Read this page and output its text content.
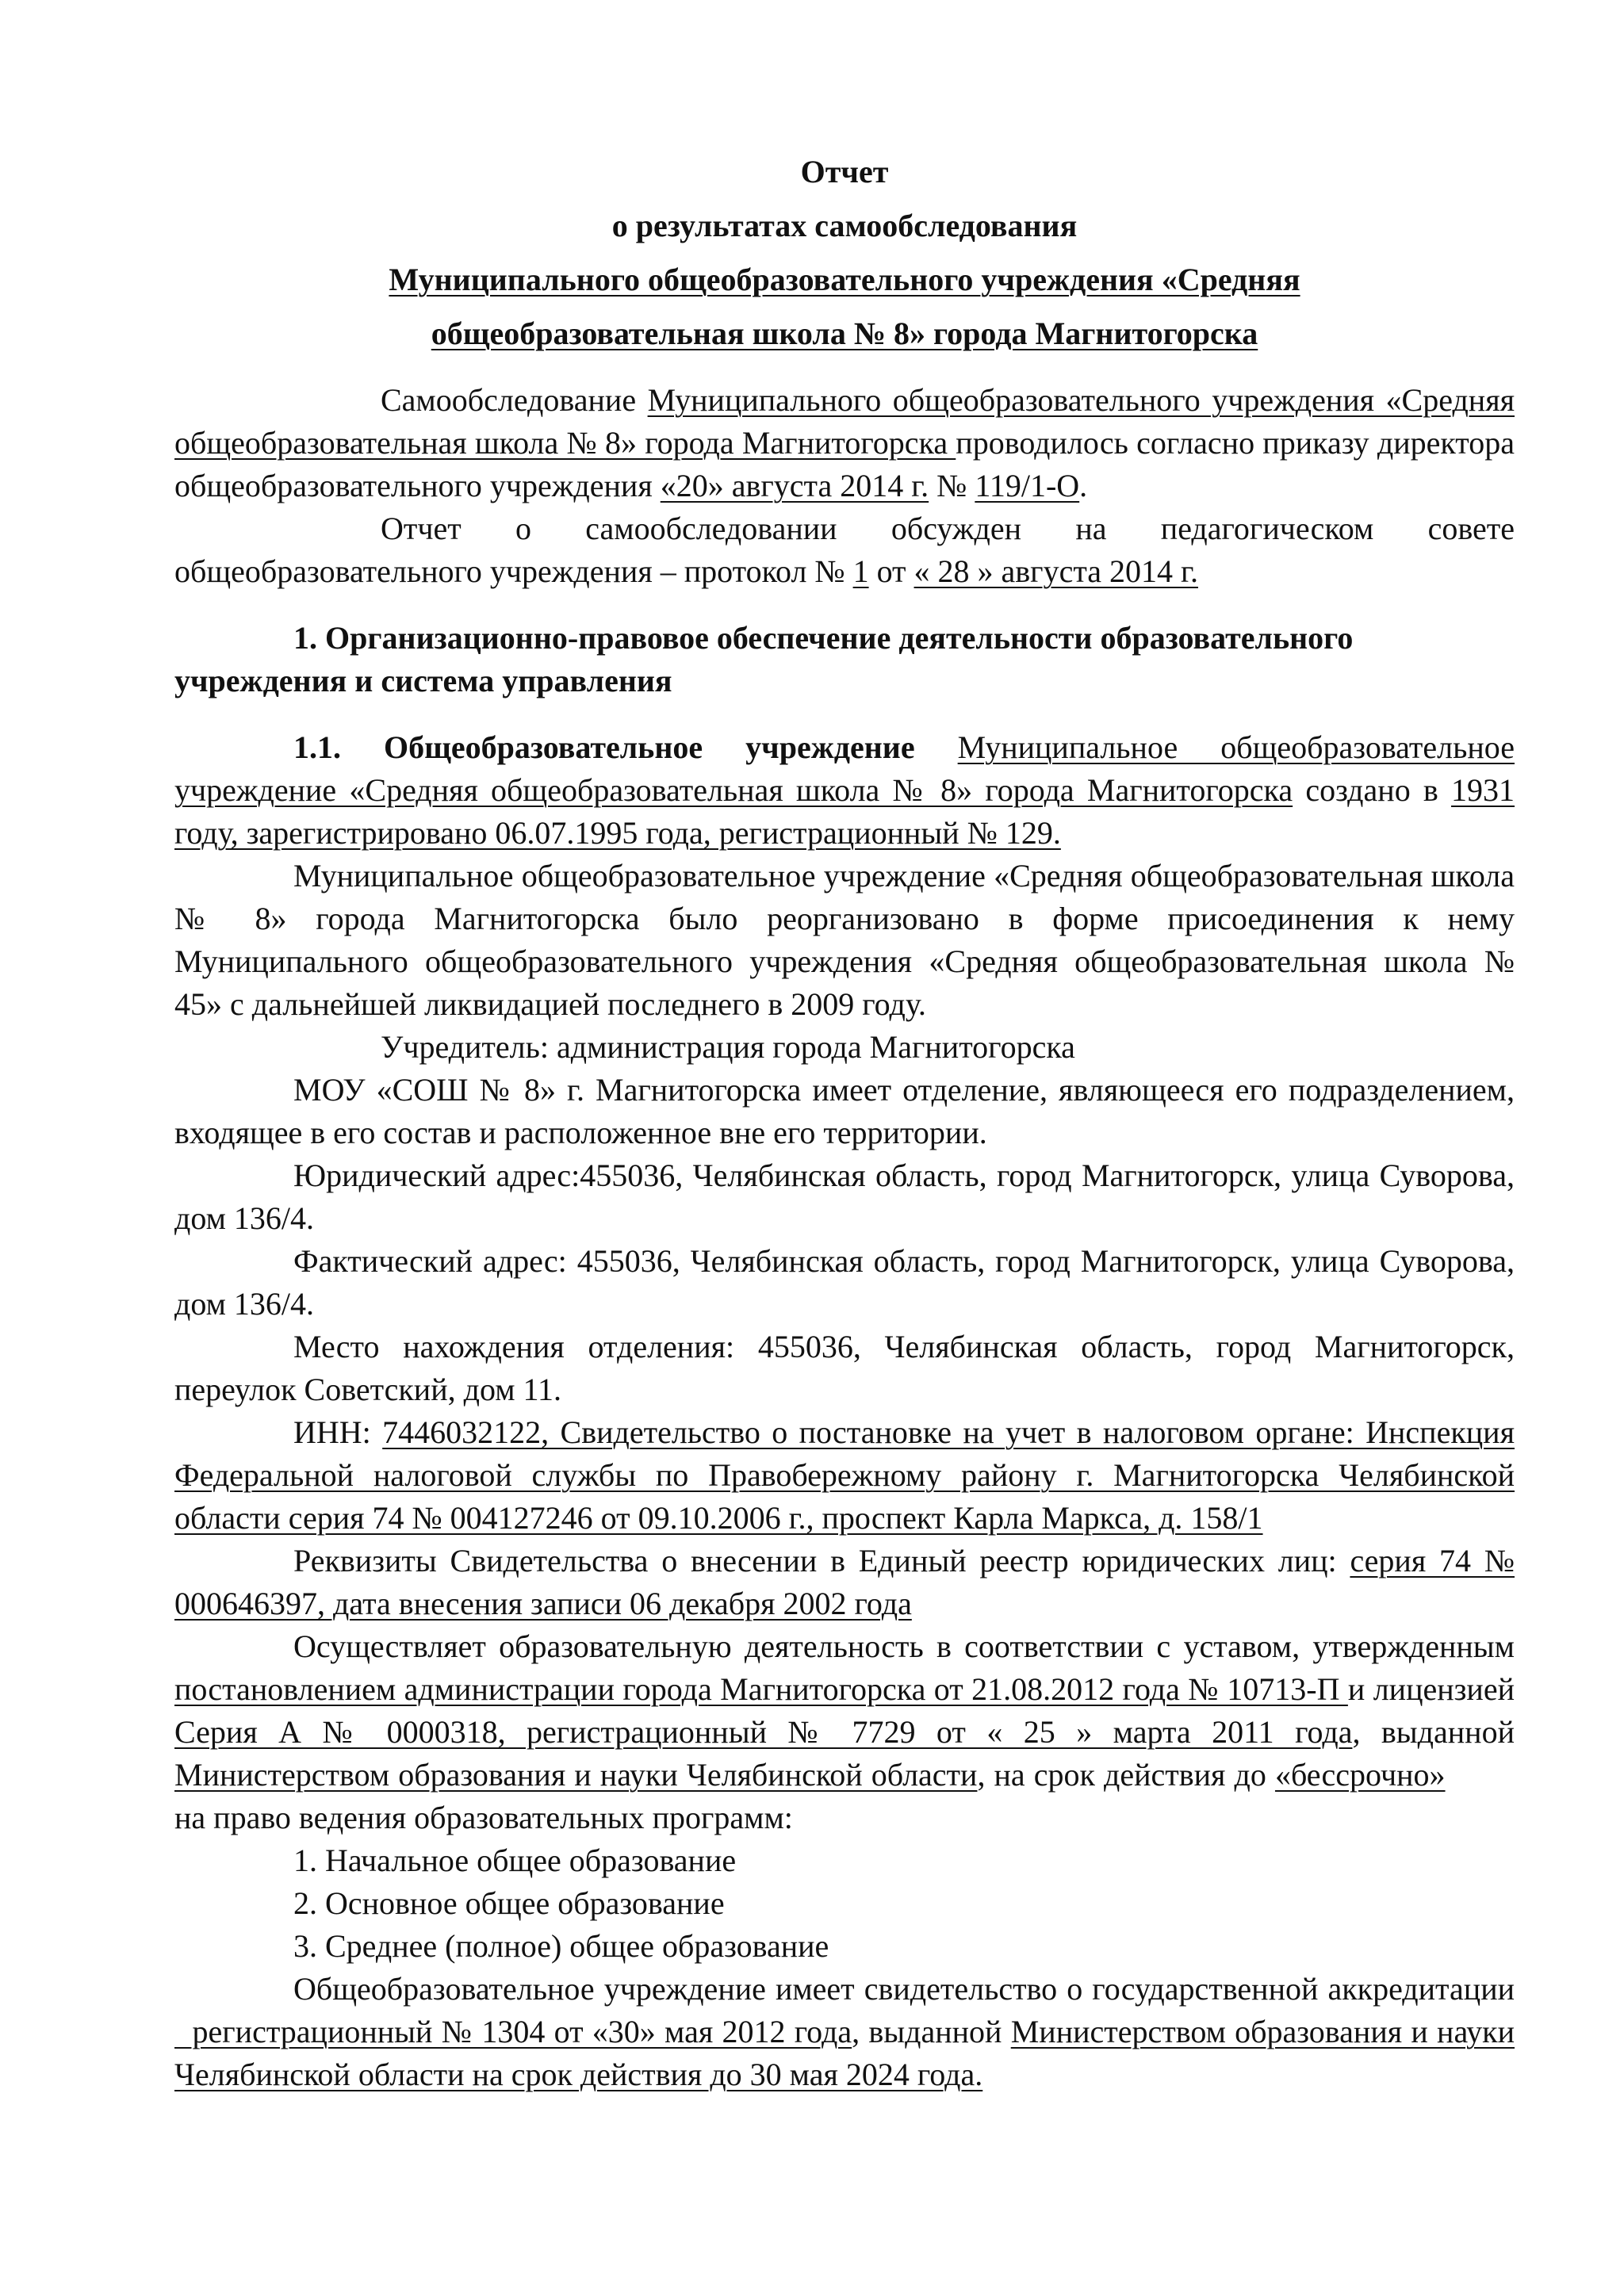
Отчет

о результатах самообследования

Муниципального общеобразовательного учреждения «Средняя

общеобразовательная школа № 8» города Магнитогорска

Самообследование Муниципального общеобразовательного учреждения «Средняя общеобразовательная школа № 8» города Магнитогорска проводилось согласно приказу директора общеобразовательного учреждения «20» августа 2014 г. № 119/1-О.

Отчет о самообследовании обсужден на педагогическом совете общеобразовательного учреждения – протокол № 1 от « 28 » августа 2014 г.

1. Организационно-правовое обеспечение деятельности образовательного учреждения и система управления

1.1. Общеобразовательное учреждение Муниципальное общеобразовательное учреждение «Средняя общеобразовательная школа № 8» города Магнитогорска создано в 1931 году, зарегистрировано 06.07.1995 года, регистрационный № 129.

Муниципальное общеобразовательное учреждение «Средняя общеобразовательная школа № 8» города Магнитогорска было реорганизовано в форме присоединения к нему Муниципального общеобразовательного учреждения «Средняя общеобразовательная школа № 45» с дальнейшей ликвидацией последнего в 2009 году.

Учредитель: администрация города Магнитогорска

МОУ «СОШ № 8» г. Магнитогорска имеет отделение, являющееся его подразделением, входящее в его состав и расположенное вне его территории.

Юридический адрес:455036, Челябинская область, город Магнитогорск, улица Суворова, дом 136/4.

Фактический адрес: 455036, Челябинская область, город Магнитогорск, улица Суворова, дом 136/4.

Место нахождения отделения: 455036, Челябинская область, город Магнитогорск, переулок Советский, дом 11.

ИНН: 7446032122, Свидетельство о постановке на учет в налоговом органе: Инспекция Федеральной налоговой службы по Правобережному району г. Магнитогорска Челябинской области серия 74 № 004127246 от 09.10.2006 г., проспект Карла Маркса, д. 158/1

Реквизиты Свидетельства о внесении в Единый реестр юридических лиц: серия 74 № 000646397, дата внесения записи 06 декабря 2002 года

Осуществляет образовательную деятельность в соответствии с уставом, утвержденным постановлением администрации города Магнитогорска от 21.08.2012 года № 10713-П и лицензией Серия А № 0000318, регистрационный № 7729 от « 25 » марта 2011 года, выданной Министерством образования и науки Челябинской области, на срок действия до «бессрочно»         на право ведения образовательных программ:

1. Начальное общее образование

2. Основное общее образование

3. Среднее (полное) общее образование

Общеобразовательное учреждение имеет свидетельство о государственной аккредитации   регистрационный № 1304 от «30» мая 2012 года, выданной Министерством образования и науки Челябинской области на срок действия до 30 мая 2024 года.
